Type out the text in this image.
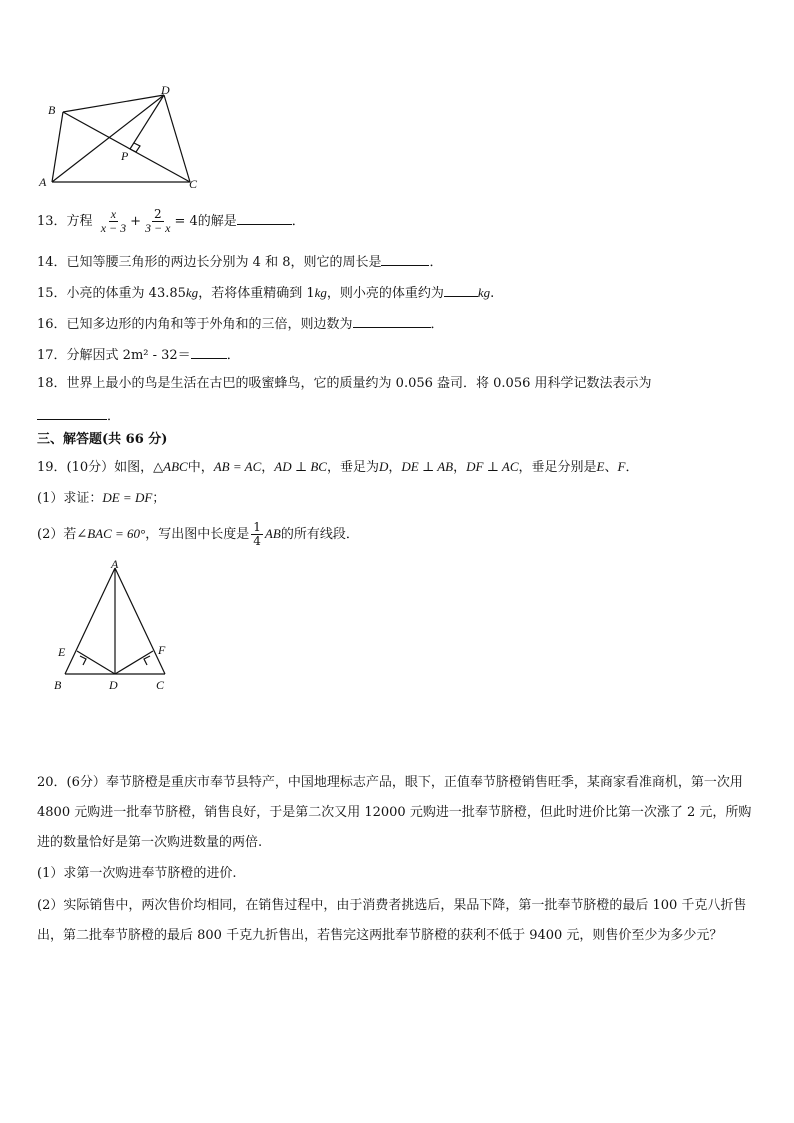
B
D
P
A	C
13．方程 $\frac{x}{x - 3} + \frac{2}{3 - x} = 4$的解是	．
14．已知等腰三角形的两边长分别为 4 和 8，则它的周长是	．
15．小亮的体重为 43.85kg，若将体重精确到 1kg，则小亮的体重约为	kg.
16．已知多边形的内角和等于外角和的三倍，则边数为	．
17．分解因式 2m² - 32＝	．
18．世界上最小的鸟是生活在古巴的吸蜜蜂鸟，它的质量约为 0.056 盎司．将 0.056 用科学记数法表示为
．
三、解答题(共 66 分)
19．(10分）如图，△ABC中，AB = AC，AD ⊥ BC，垂足为D，DE ⊥ AB，DF ⊥ AC，垂足分别是E、F．
(1）求证：DE = DF；
(2）若∠BAC = 60°，写出图中长度是 $\frac{1}{4}$ AB的所有线段．
A
E	F
B	D	C
20．(6分）奉节脐橙是重庆市奉节县特产，中国地理标志产品，眼下，正值奉节脐橙销售旺季，某商家看准商机，第一次用 4800 元购进一批奉节脐橙，销售良好，于是第二次又用 12000 元购进一批奉节脐橙，但此时进价比第一次涨了 2 元，所购进的数量恰好是第一次购进数量的两倍.
(1）求第一次购进奉节脐橙的进价.
(2）实际销售中，两次售价均相同，在销售过程中，由于消费者挑选后，果品下降，第一批奉节脐橙的最后 100 千克八折售出，第二批奉节脐橙的最后 800 千克九折售出，若售完这两批奉节脐橙的获利不低于 9400 元，则售价至少为多少元？
